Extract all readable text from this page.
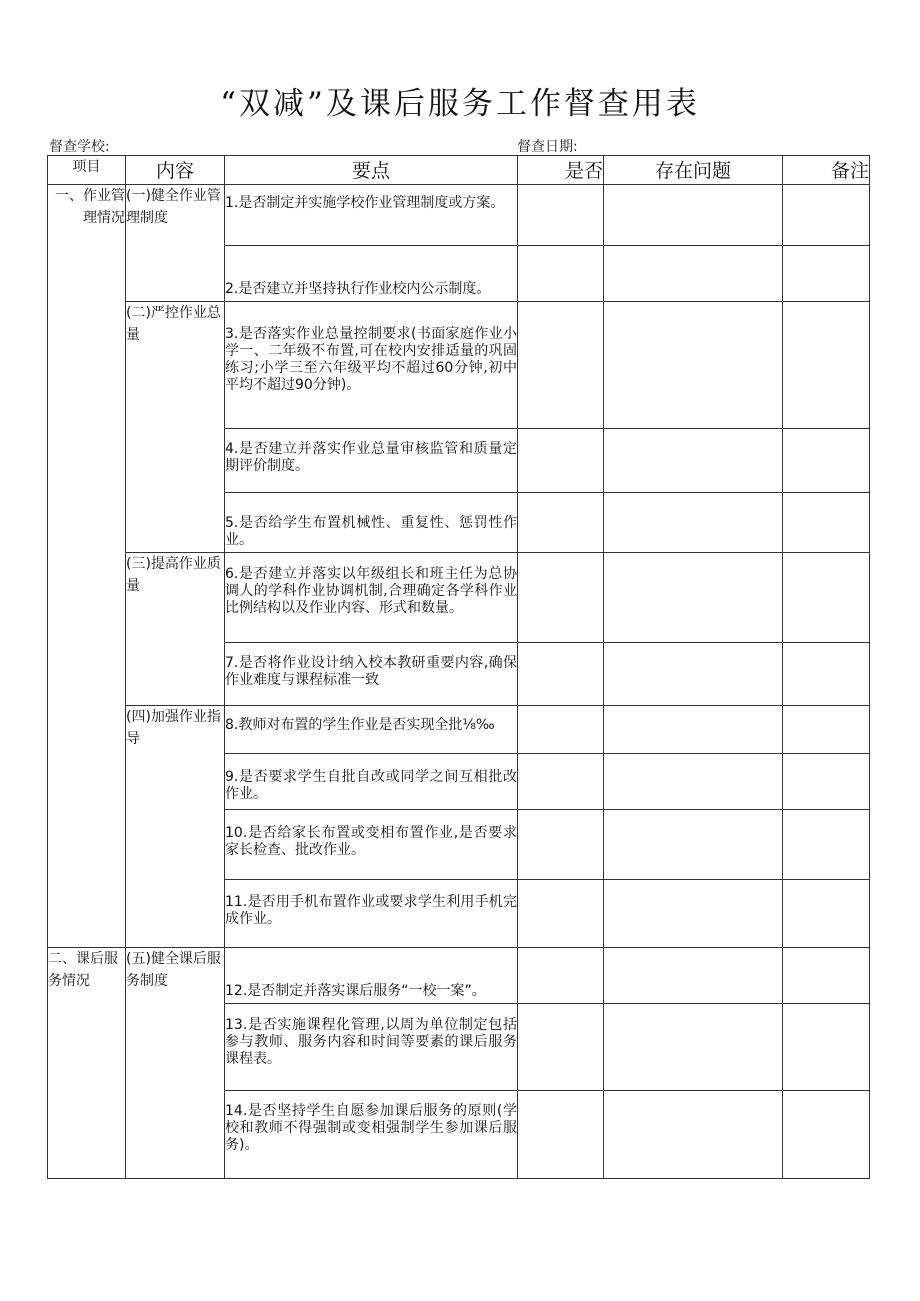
“双减”及课后服务工作督查用表
督查学校:	督查日期:
项目	内容	要点	是否	存在问题	备注
一、作业管理情况	(一)健全作业管理制度	1.是否制定并实施学校作业管理制度或方案。			
		2.是否建立并坚持执行作业校内公示制度。			
	(二)严控作业总量	3.是否落实作业总量控制要求(书面家庭作业小学一、二年级不布置,可在校内安排适量的巩固练习;小学三至六年级平均不超过60分钟,初中平均不超过90分钟)。			
		4.是否建立并落实作业总量审核监管和质量定期评价制度。			
		5.是否给学生布置机械性、重复性、惩罚性作业。			
	(三)提高作业质量	6.是否建立并落实以年级组长和班主任为总协调人的学科作业协调机制,合理确定各学科作业比例结构以及作业内容、形式和数量。			
		7.是否将作业设计纳入校本教研重要内容,确保作业难度与课程标准一致			
	(四)加强作业指导	8.教师对布置的学生作业是否实现全批⅛‰			
		9.是否要求学生自批自改或同学之间互相批改作业。			
		10.是否给家长布置或变相布置作业,是否要求家长检查、批改作业。			
		11.是否用手机布置作业或要求学生利用手机完成作业。			
二、课后服务情况	(五)健全课后服务制度	12.是否制定并落实课后服务“一校一案”。			
		13.是否实施课程化管理,以周为单位制定包括参与教师、服务内容和时间等要素的课后服务课程表。			
		14.是否坚持学生自愿参加课后服务的原则(学校和教师不得强制或变相强制学生参加课后服务)。			
